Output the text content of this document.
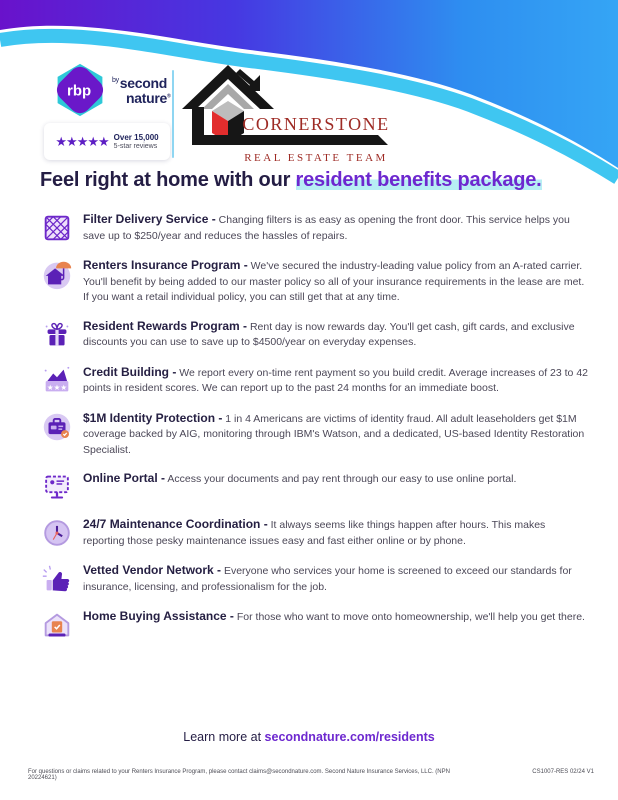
rbp
$^{by}$second
nature®
★★★★★ Over 15,000
5-star reviews
CORNERSTONE
REAL ESTATE TEAM
Feel right at home with our resident benefits package.
Filter Delivery Service - Changing filters is as easy as opening the front door. This service helps you save up to $250/year and reduces the hassles of repairs.
Renters Insurance Program - We've secured the industry-leading value policy from an A-rated carrier. You'll benefit by being added to our master policy so all of your insurance requirements in the lease are met. If you want a retail individual policy, you can still get that at any time.
Resident Rewards Program - Rent day is now rewards day. You'll get cash, gift cards, and exclusive discounts you can use to save up to $4500/year on everyday expenses.
★★★
Credit Building - We report every on-time rent payment so you build credit. Average increases of 23 to 42 points in resident scores. We can report up to the past 24 months for an immediate boost.
$1M Identity Protection - 1 in 4 Americans are victims of identity fraud. All adult leaseholders get $1M coverage backed by AIG, monitoring through IBM's Watson, and a dedicated, US-based Identity Restoration Specialist.
Online Portal - Access your documents and pay rent through our easy to use online portal.
24/7 Maintenance Coordination - It always seems like things happen after hours. This makes reporting those pesky maintenance issues easy and fast either online or by phone.
Vetted Vendor Network - Everyone who services your home is screened to exceed our standards for insurance, licensing, and professionalism for the job.
Home Buying Assistance - For those who want to move onto homeownership, we'll help you get there.
Learn more at secondnature.com/residents
For questions or claims related to your Renters Insurance Program, please contact claims@secondnature.com. Second Nature Insurance Services, LLC. (NPN 20224621)
CS1007-RES 02/24 V1
